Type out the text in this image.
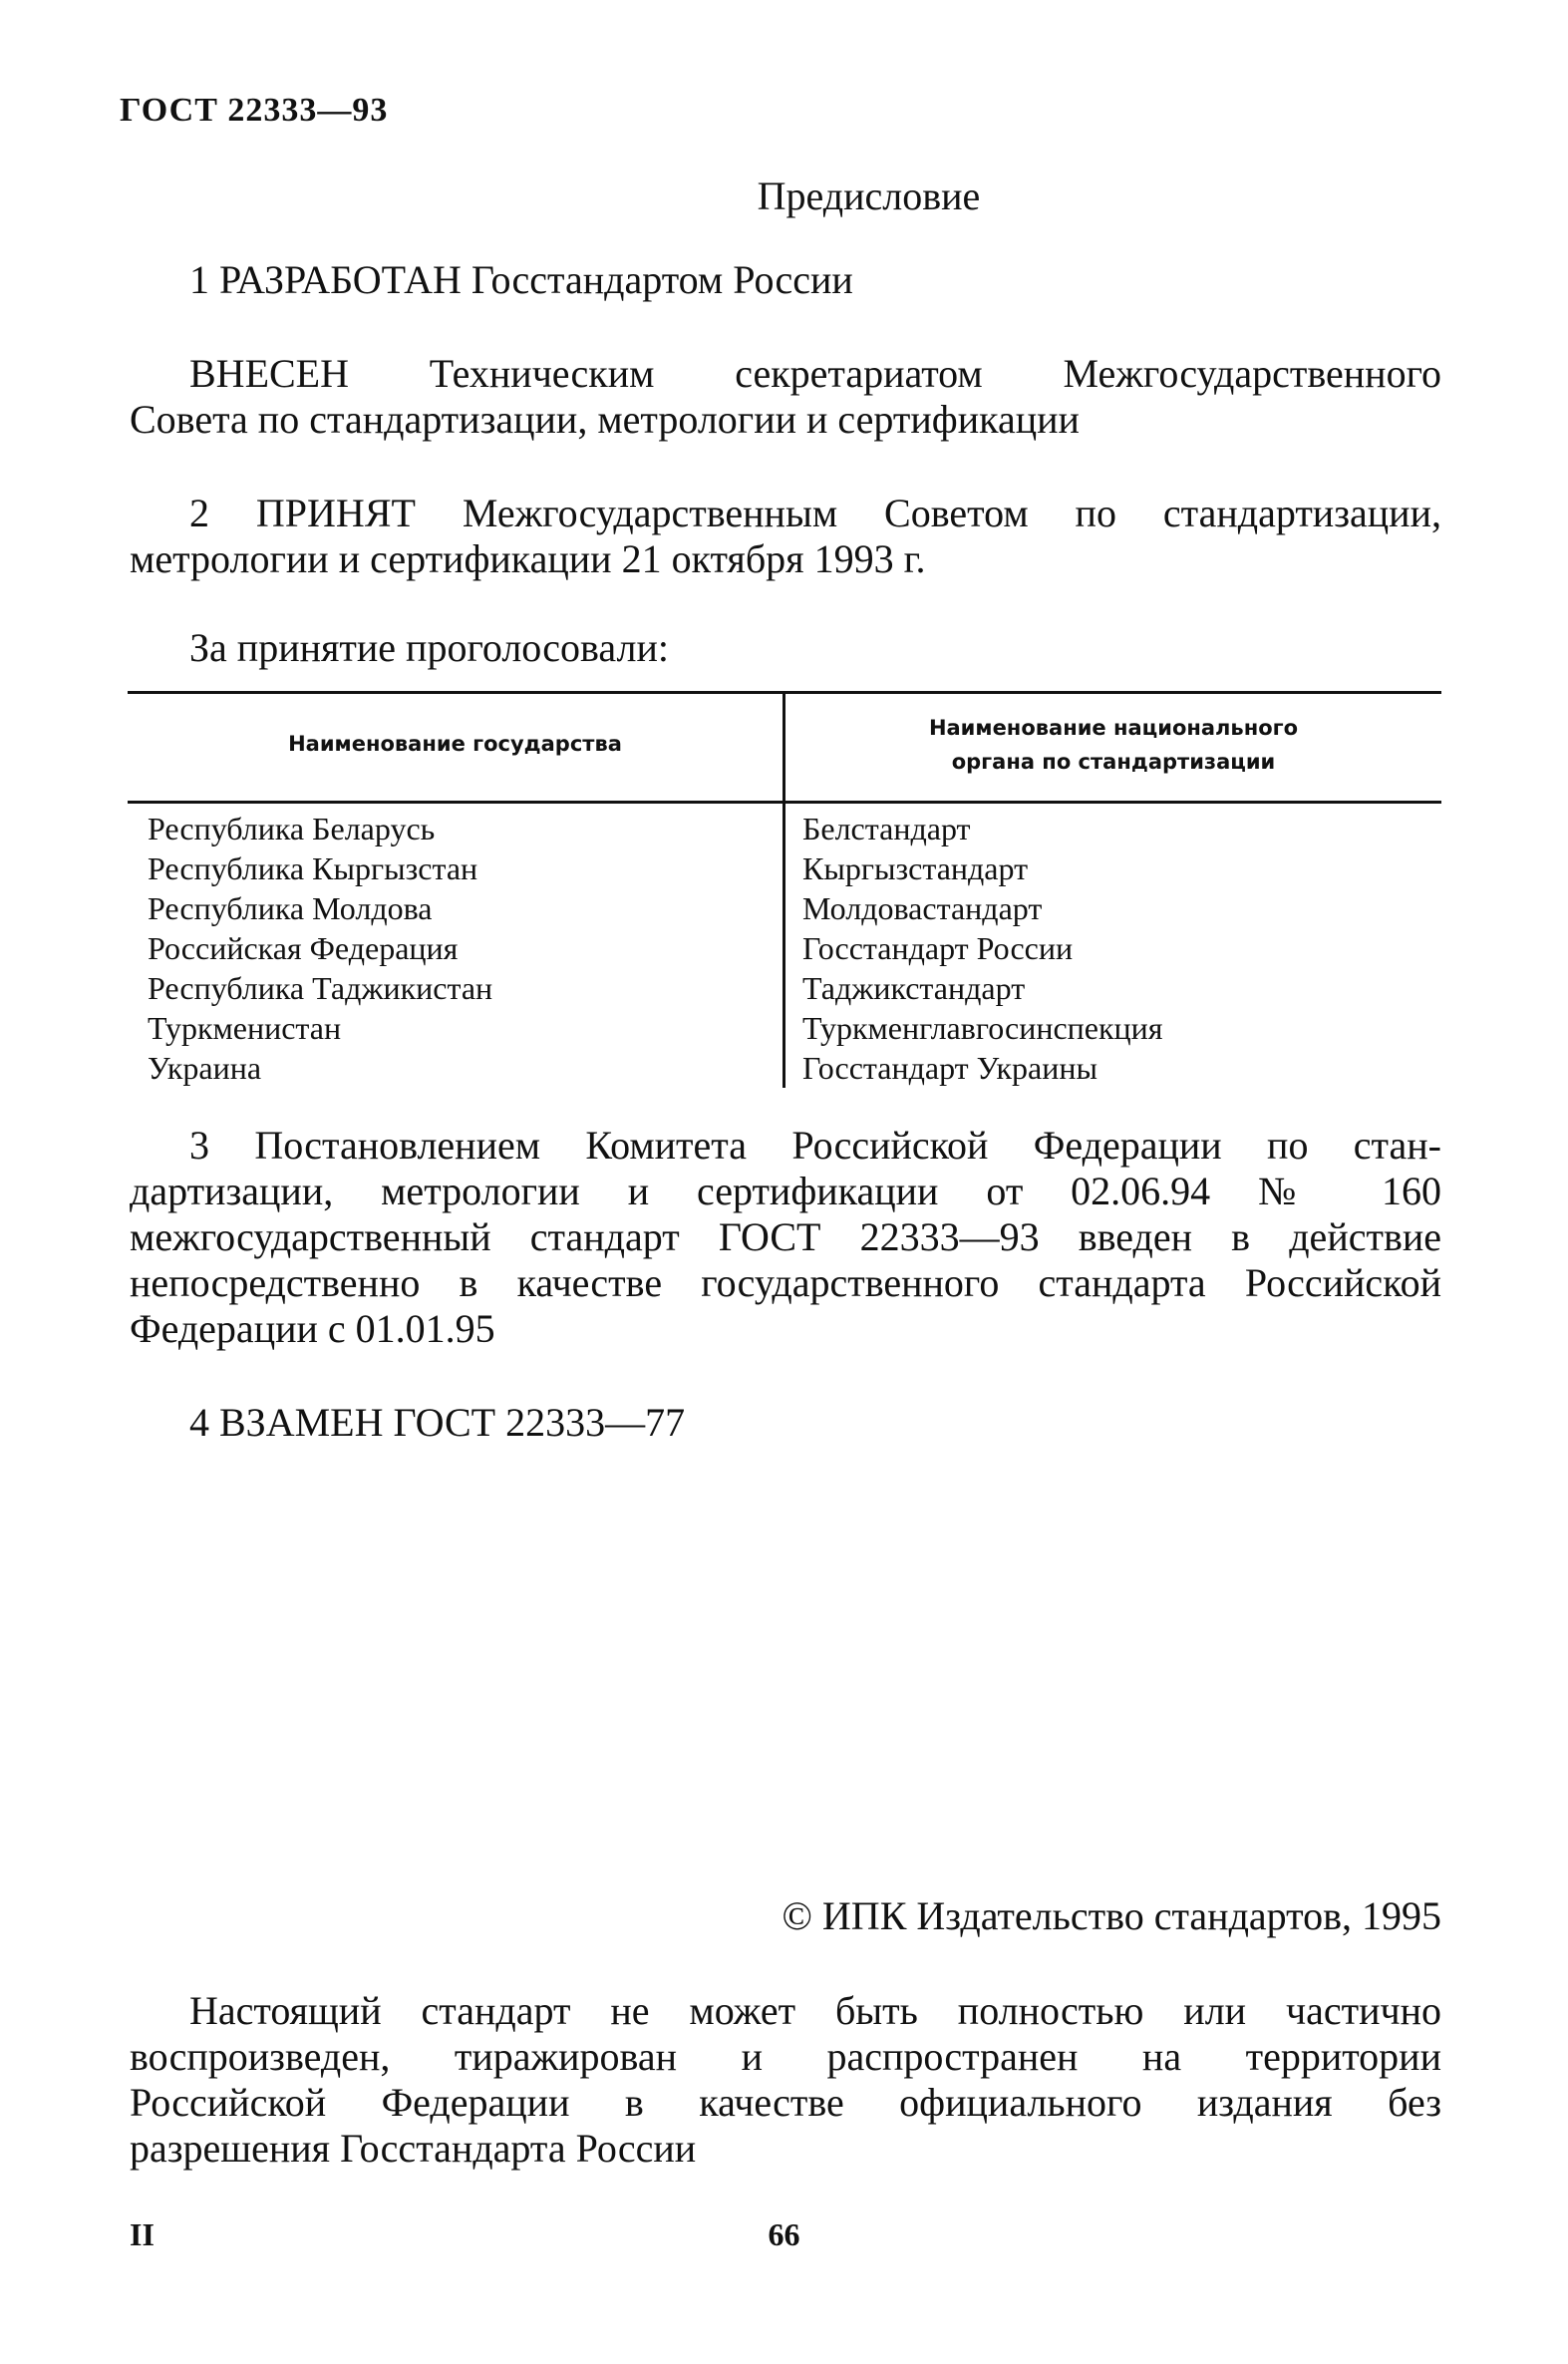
ГОСТ 22333—93

Предисловие

1 РАЗРАБОТАН Госстандартом России

ВНЕСЕН Техническим секретариатом Межгосударственного

Совета по стандартизации, метрологии и сертификации

2 ПРИНЯТ Межгосударственным Советом по стандартизации,

метрологии и сертификации 21 октября 1993 г.

За принятие проголосовали:

Наименование государства
Наименование национального
органа по стандартизации
Республика Беларусь
Республика Кыргызстан
Республика Молдова
Российская Федерация
Республика Таджикистан
Туркменистан
Украина
Белстандарт
Кыргызстандарт
Молдовастандарт
Госстандарт России
Таджикстандарт
Туркменглавгосинспекция
Госстандарт Украины

3 Постановлением Комитета Российской Федерации по стан-

дартизации, метрологии и сертификации от 02.06.94 № 160

межгосударственный стандарт ГОСТ 22333—93 введен в действие

непосредственно в качестве государственного стандарта Российской

Федерации с 01.01.95

4 ВЗАМЕН ГОСТ 22333—77

© ИПК Издательство стандартов, 1995

Настоящий стандарт не может быть полностью или частично

воспроизведен, тиражирован и распространен на территории

Российской Федерации в качестве официального издания без

разрешения Госстандарта России

II	66
